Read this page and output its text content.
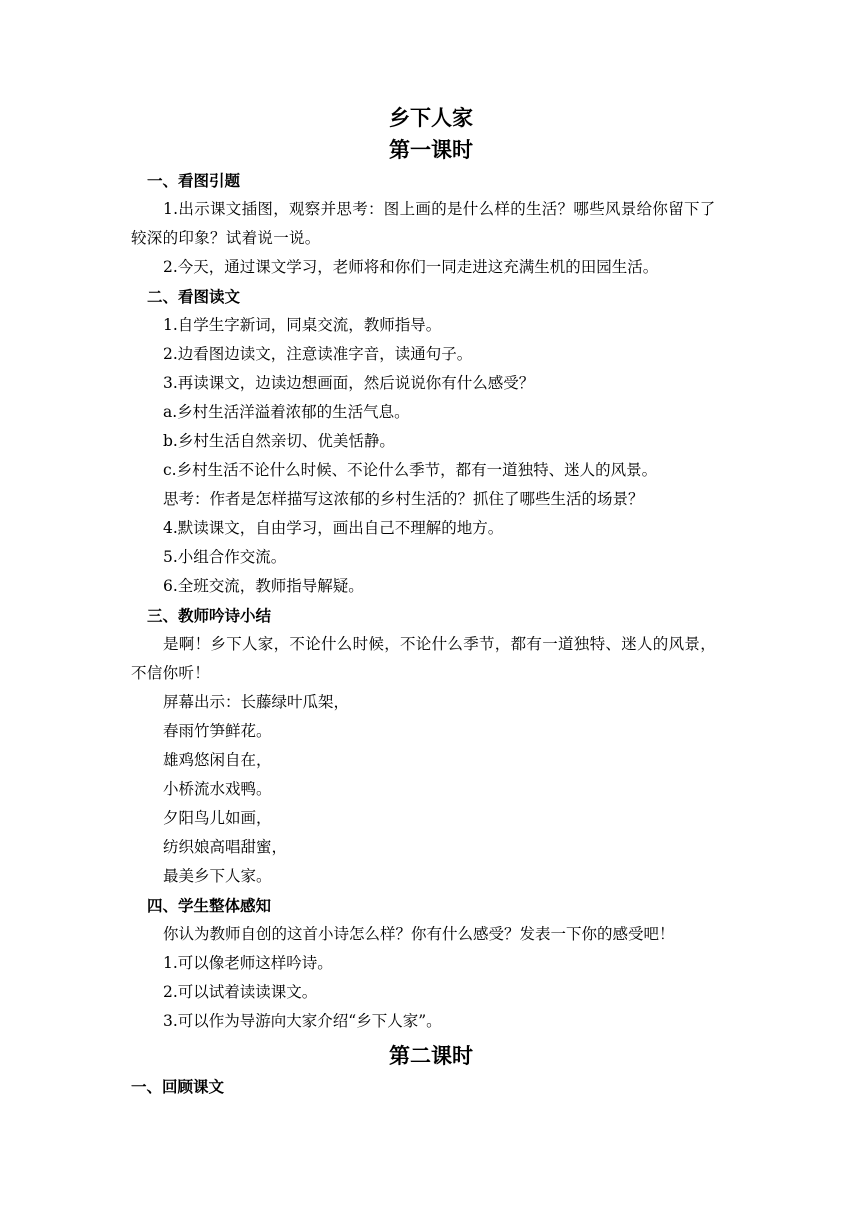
乡下人家

第一课时

一、看图引题

1.出示课文插图，观察并思考：图上画的是什么样的生活？哪些风景给你留下了较深的印象？试着说一说。

2.今天，通过课文学习，老师将和你们一同走进这充满生机的田园生活。

二、看图读文

1.自学生字新词，同桌交流，教师指导。

2.边看图边读文，注意读准字音，读通句子。

3.再读课文，边读边想画面，然后说说你有什么感受？

a.乡村生活洋溢着浓郁的生活气息。

b.乡村生活自然亲切、优美恬静。

c.乡村生活不论什么时候、不论什么季节，都有一道独特、迷人的风景。

思考：作者是怎样描写这浓郁的乡村生活的？抓住了哪些生活的场景？

4.默读课文，自由学习，画出自己不理解的地方。

5.小组合作交流。

6.全班交流，教师指导解疑。

三、教师吟诗小结

是啊！乡下人家，不论什么时候，不论什么季节，都有一道独特、迷人的风景，不信你听！

屏幕出示：长藤绿叶瓜架，

春雨竹笋鲜花。

雄鸡悠闲自在，

小桥流水戏鸭。

夕阳鸟儿如画，

纺织娘高唱甜蜜，

最美乡下人家。

四、学生整体感知

你认为教师自创的这首小诗怎么样？你有什么感受？发表一下你的感受吧！

1.可以像老师这样吟诗。

2.可以试着读读课文。

3.可以作为导游向大家介绍“乡下人家”。

第二课时

一、回顾课文
